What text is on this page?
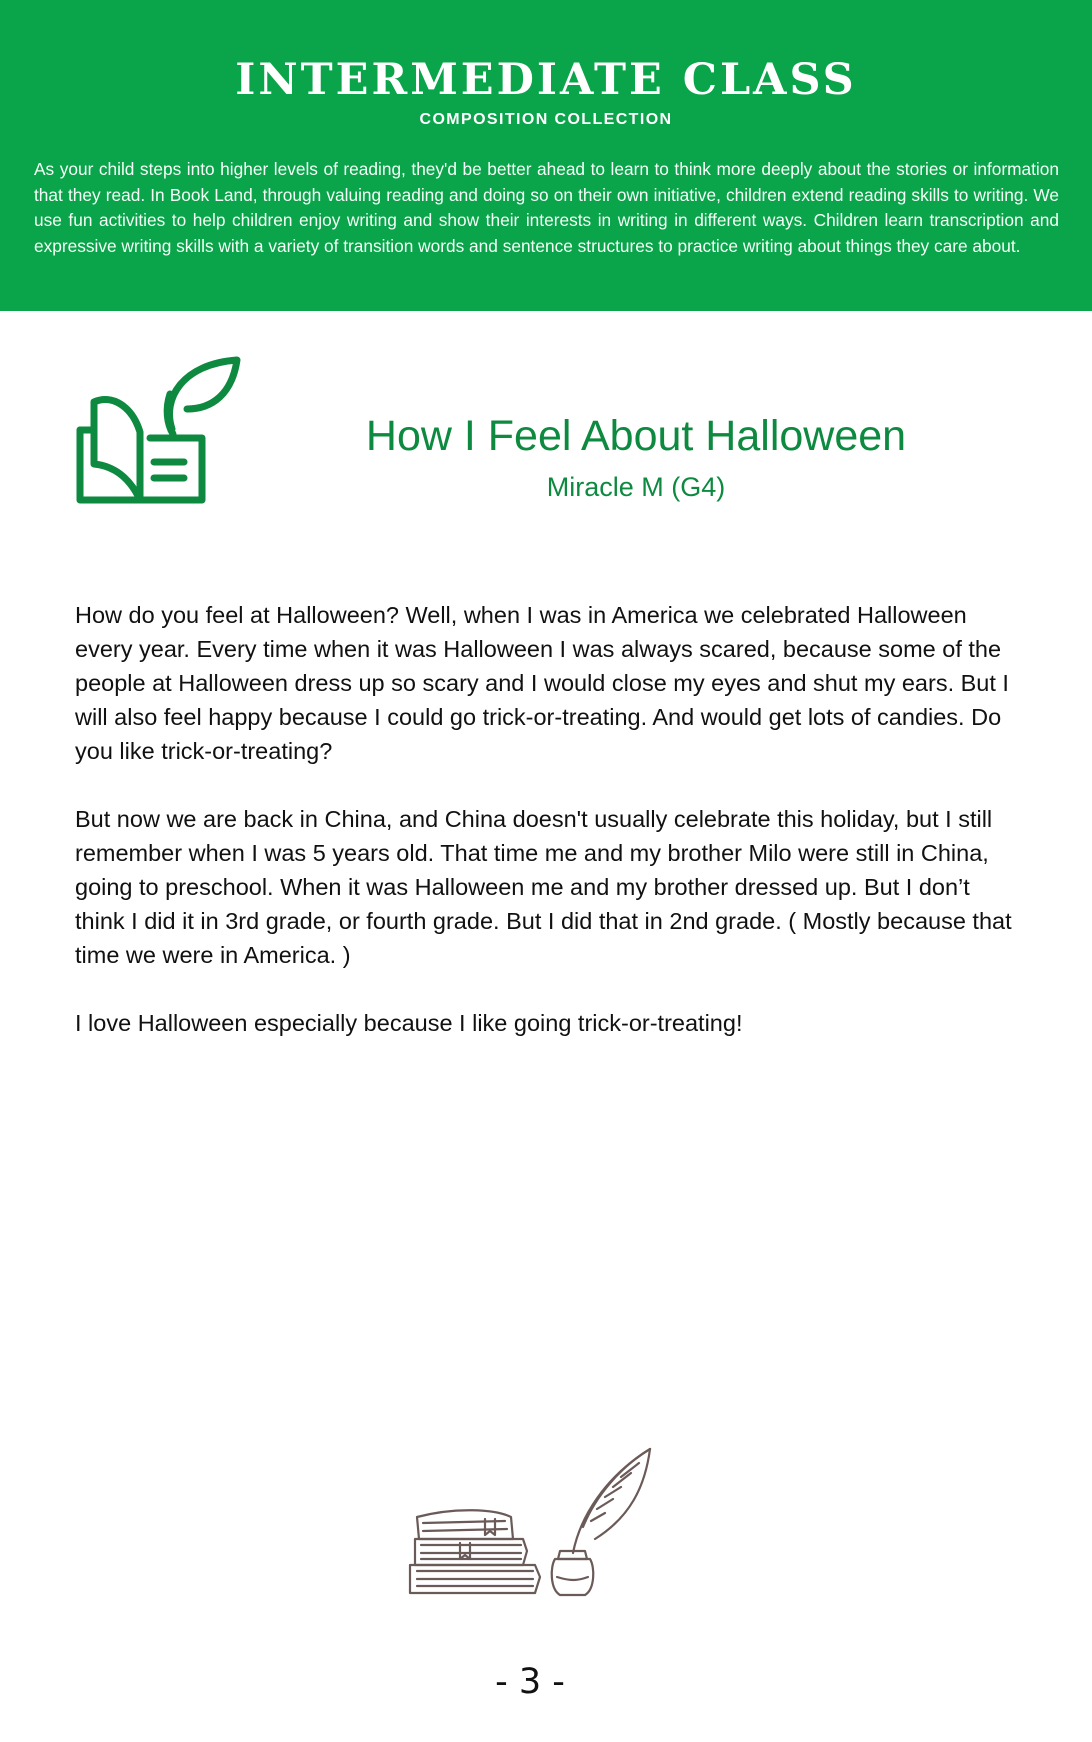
INTERMEDIATE CLASS
COMPOSITION COLLECTION
As your child steps into higher levels of reading, they'd be better ahead to learn to think more deeply about the stories or information that they read. In Book Land, through valuing reading and doing so on their own initiative, children extend reading skills to writing. We use fun activities to help children enjoy writing and show their interests in writing in different ways. Children learn transcription and expressive writing skills with a variety of transition words and sentence structures to practice writing about things they care about.
How I Feel About Halloween
Miracle M (G4)

How do you feel at Halloween? Well, when I was in America we celebrated Halloween every year. Every time when it was Halloween I was always scared, because some of the people at Halloween dress up so scary and I would close my eyes and shut my ears. But I will also feel happy because I could go trick-or-treating. And would get lots of candies. Do you like trick-or-treating?

But now we are back in China, and China doesn't usually celebrate this holiday, but I still remember when I was 5 years old. That time me and my brother Milo were still in China, going to preschool. When it was Halloween me and my brother dressed up. But I don’t think I did it in 3rd grade, or fourth grade. But I did that in 2nd grade. ( Mostly because that time we were in America. )

I love Halloween especially because I like going trick-or-treating!

- 3 -
